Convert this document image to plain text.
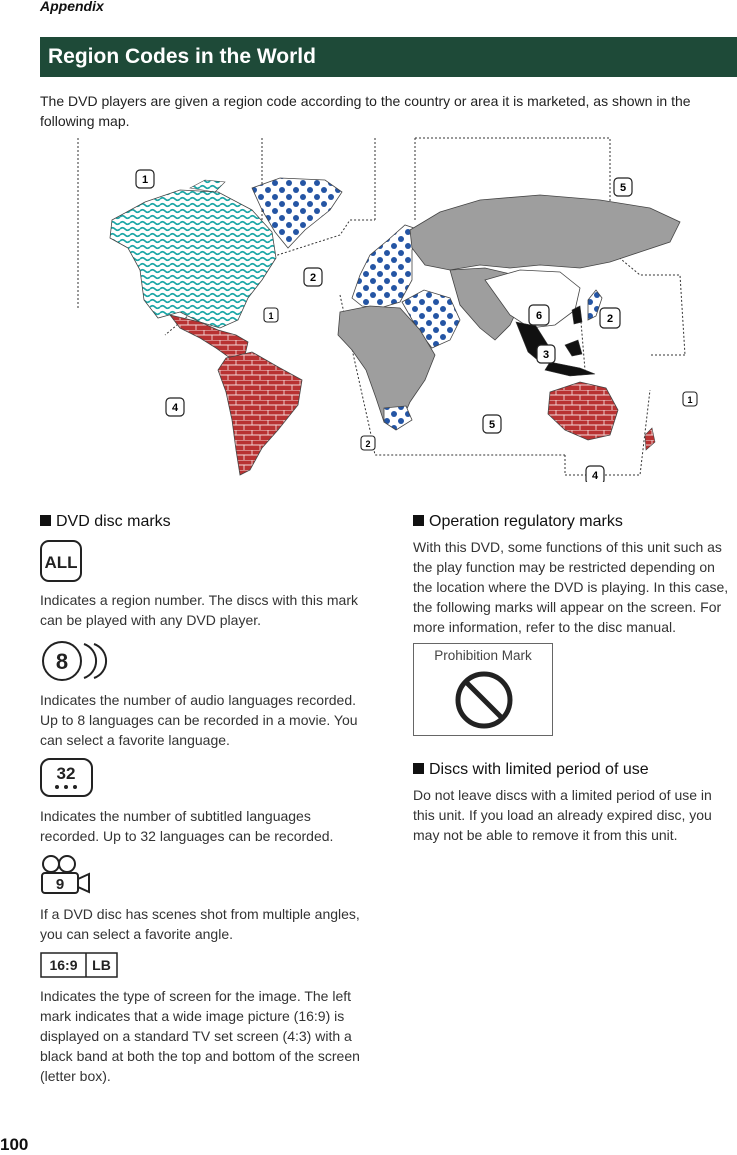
Appendix
Region Codes in the World
The DVD players are given a region code according to the country or area it is marketed, as shown in the following map.
1
5
2
1	6	2
3
4
1
5
2
4
DVD disc marks
ALL
Indicates a region number. The discs with this mark can be played with any DVD player.
8
Indicates the number of audio languages recorded. Up to 8 languages can be recorded in a movie. You can select a favorite language.
32
Indicates the number of subtitled languages recorded. Up to 32 languages can be recorded.
9
If a DVD disc has scenes shot from multiple angles, you can select a favorite angle.
16:9 LB
Indicates the type of screen for the image. The left mark indicates that a wide image picture (16:9) is displayed on a standard TV set screen (4:3) with a black band at both the top and bottom of the screen (letter box).
Operation regulatory marks
With this DVD, some functions of this unit such as the play function may be restricted depending on the location where the DVD is playing. In this case, the following marks will appear on the screen. For more information, refer to the disc manual.
Prohibition Mark
Discs with limited period of use
Do not leave discs with a limited period of use in this unit. If you load an already expired disc, you may not be able to remove it from this unit.
100
